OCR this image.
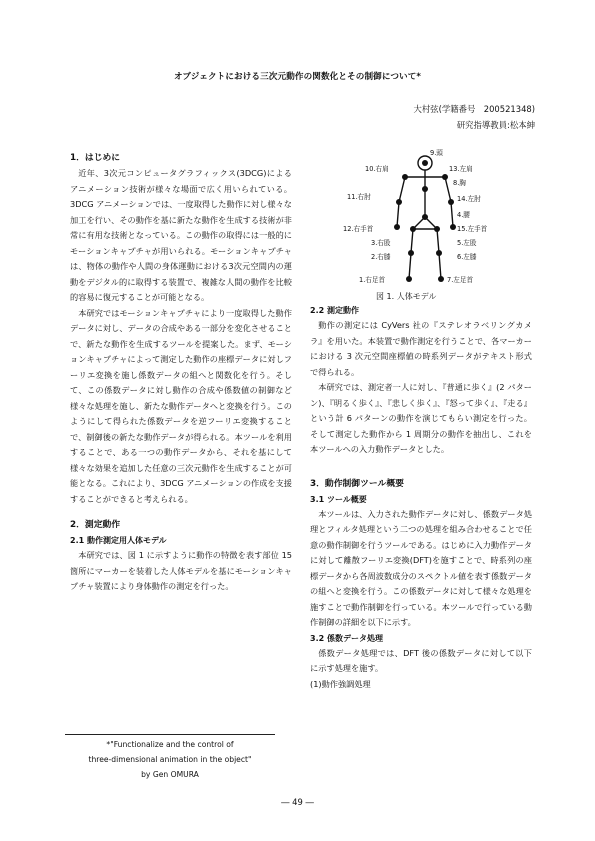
オブジェクトにおける三次元動作の関数化とその制御について*
大村弦(学籍番号　200521348)
研究指導教員:松本紳

1．はじめに

近年、3次元コンピュータグラフィックス(3DCG)によるアニメーション技術が様々な場面で広く用いられている。3DCG アニメーションでは、一度取得した動作に対し様々な加工を行い、その動作を基に新たな動作を生成する技術が非常に有用な技術となっている。この動作の取得には一般的にモーションキャプチャが用いられる。モーションキャプチャは、物体の動作や人間の身体運動における3次元空間内の運動をデジタル的に取得する装置で、複雑な人間の動作を比較的容易に復元することが可能となる。

本研究ではモーションキャプチャにより一度取得した動作データに対し、データの合成やある一部分を変化させることで、新たな動作を生成するツールを提案した。まず、モーションキャプチャによって測定した動作の座標データに対しフーリエ変換を施し係数データの組へと関数化を行う。そして、この係数データに対し動作の合成や係数値の制御など様々な処理を施し、新たな動作データへと変換を行う。このようにして得られた係数データを逆フーリエ変換することで、制御後の新たな動作データが得られる。本ツールを利用することで、ある一つの動作データから、それを基にして様々な効果を追加した任意の三次元動作を生成することが可能となる。これにより、3DCG アニメーションの作成を支援することができると考えられる。

2．測定動作

2.1 動作測定用人体モデル

本研究では、図 1 に示すように動作の特徴を表す部位 15 箇所にマーカーを装着した人体モデルを基にモーションキャプチャ装置により身体動作の測定を行った。

9.頭
10.右肩	13.左肩
8.胸
11.右肘	14.左肘
4.腰
12.右手首	15.左手首
3.右股	5.左股
2.右膝	6.左膝
1.右足首	7.左足首
図 1. 人体モデル

2.2 測定動作

動作の測定には CyVers 社の『ステレオラベリングカメラ』を用いた。本装置で動作測定を行うことで、各マーカーにおける 3 次元空間座標値の時系列データがテキスト形式で得られる。

本研究では、測定者一人に対し、『普通に歩く』(2 パターン)、『明るく歩く』、『悲しく歩く』、『怒って歩く』、『走る』という計 6 パターンの動作を演じてもらい測定を行った。そして測定した動作から 1 周期分の動作を抽出し、これを本ツールへの入力動作データとした。

3．動作制御ツール概要

3.1 ツール概要

本ツールは、入力された動作データに対し、係数データ処理とフィルタ処理という二つの処理を組み合わせることで任意の動作制御を行うツールである。はじめに入力動作データに対して離散フーリエ変換(DFT)を施すことで、時系列の座標データから各周波数成分のスペクトル値を表す係数データの組へと変換を行う。この係数データに対して様々な処理を施すことで動作制御を行っている。本ツールで行っている動作制御の詳細を以下に示す。

3.2 係数データ処理

係数データ処理では、DFT 後の係数データに対して以下に示す処理を施す。

(1)動作強調処理

*"Functionalize and the control of
three-dimensional animation in the object"
by Gen OMURA
― 49 ―
